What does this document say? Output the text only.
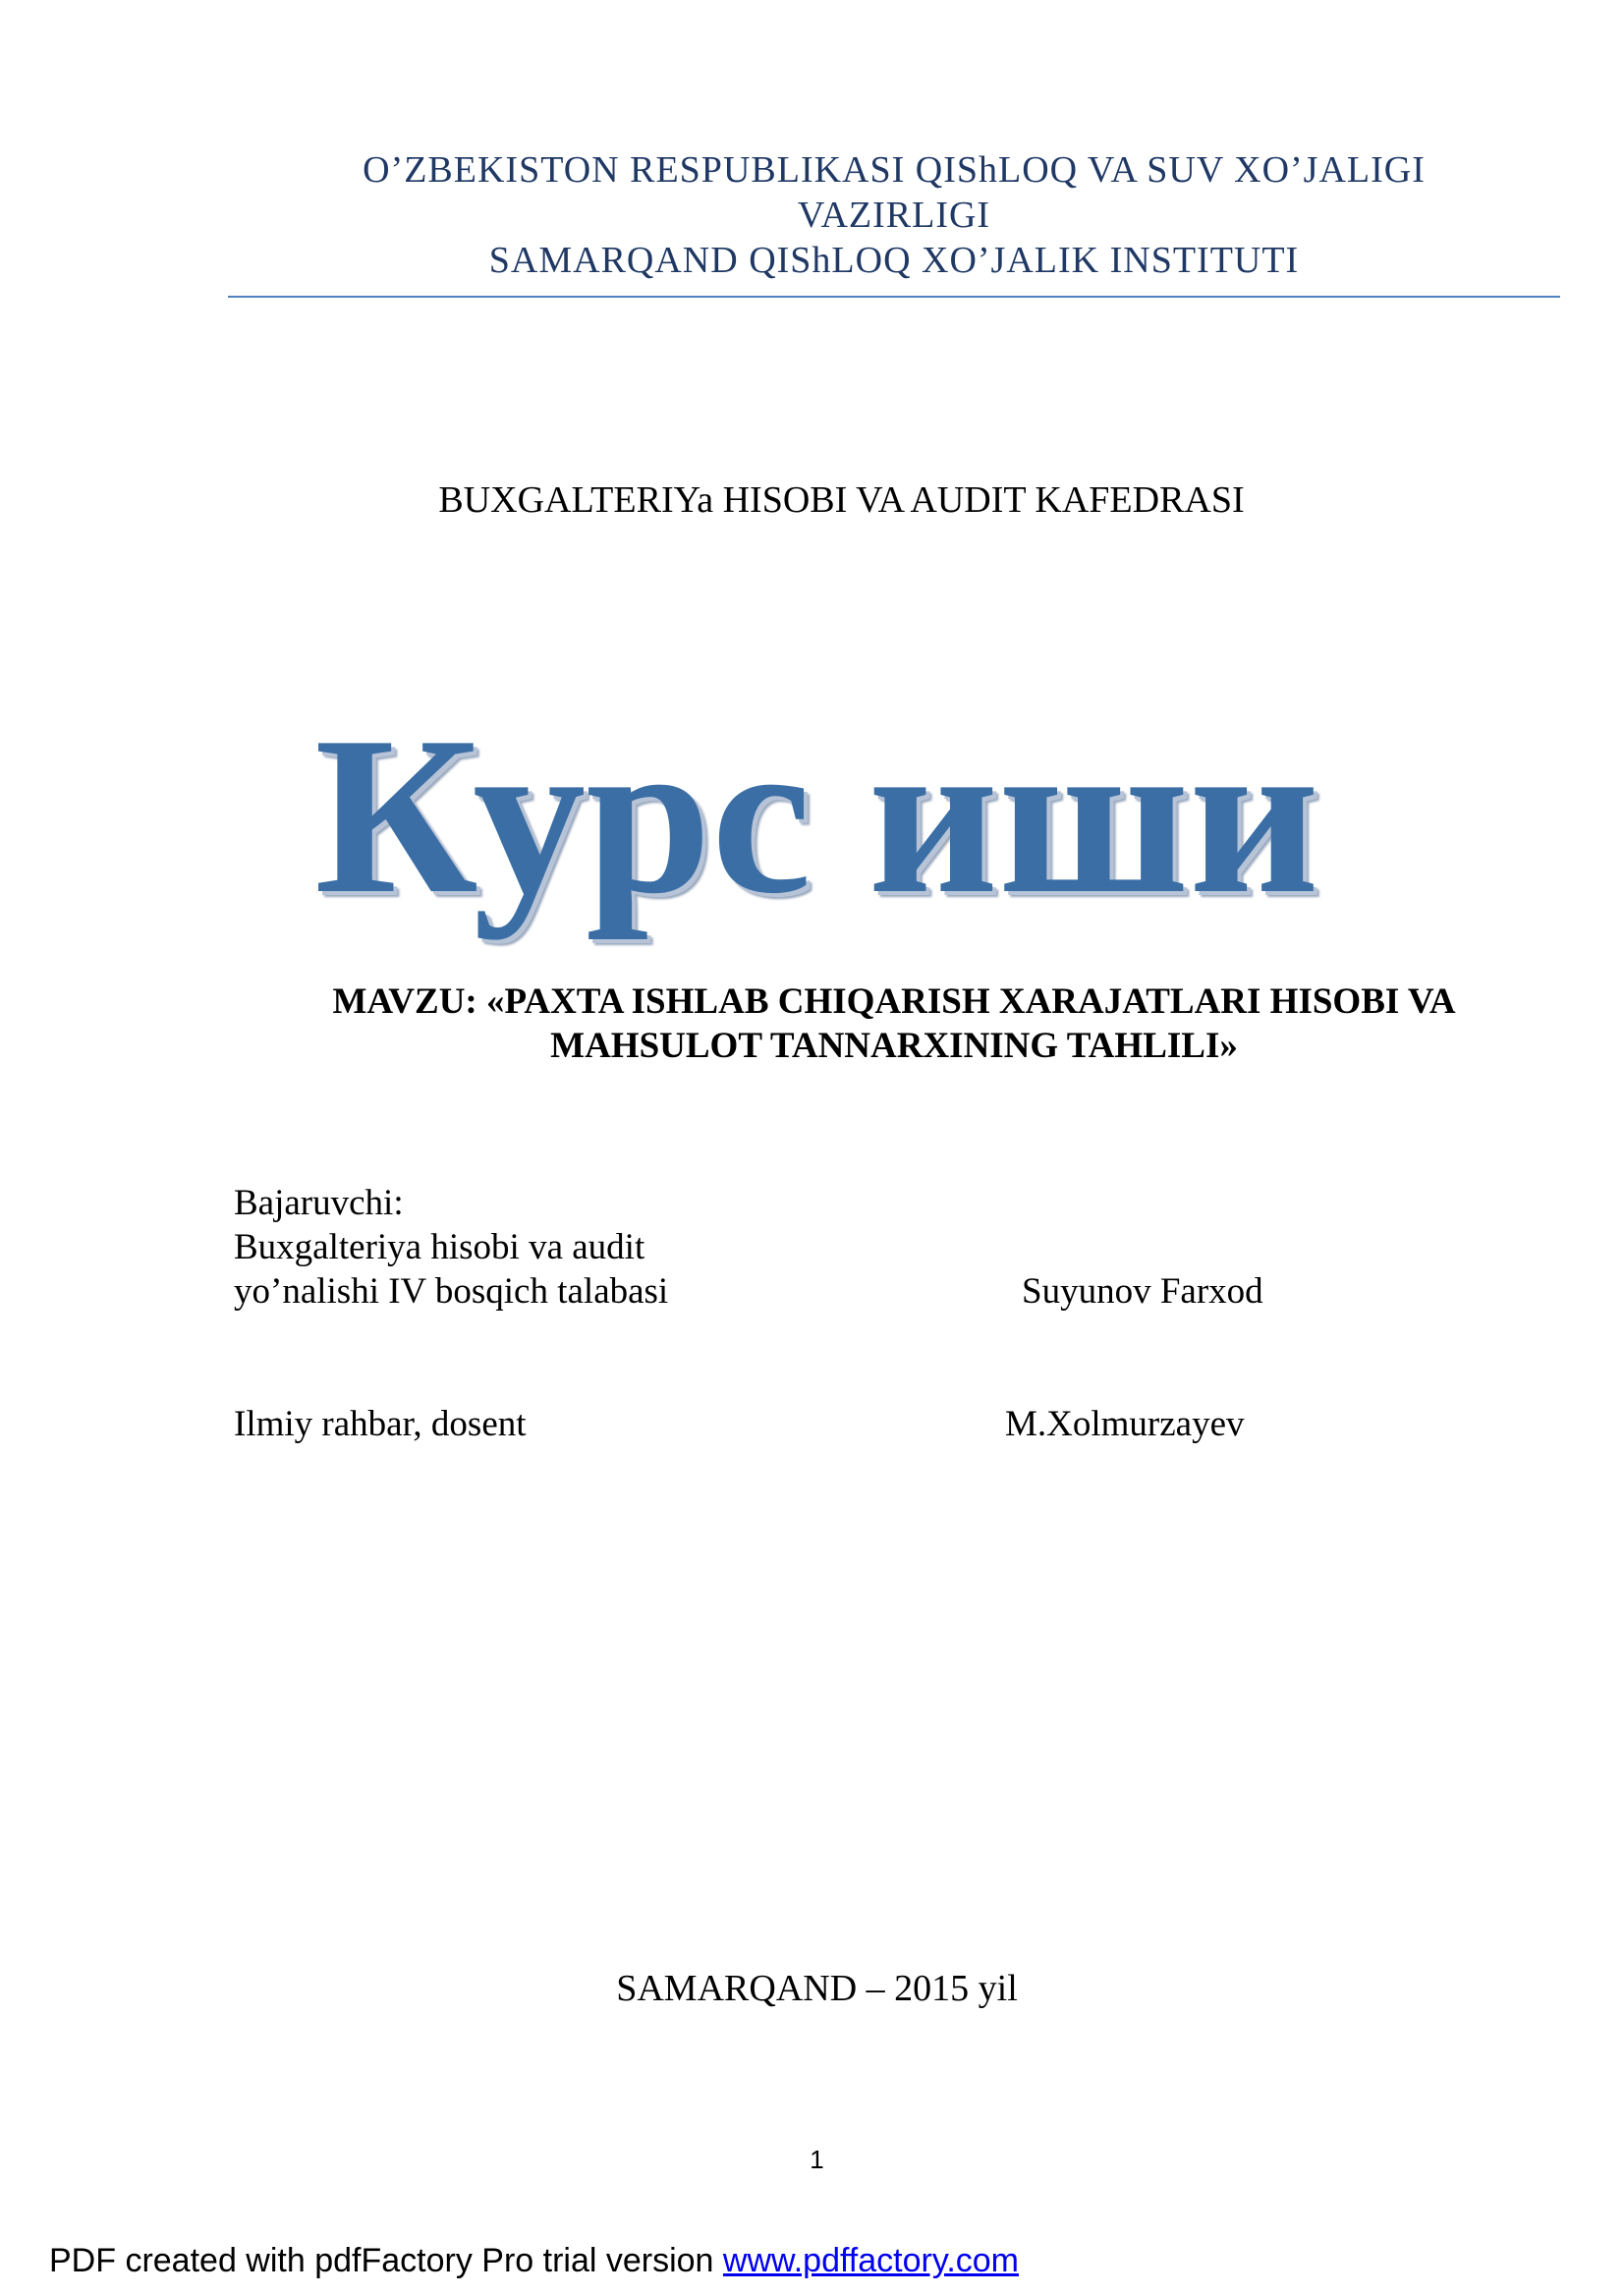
O’ZBEKISTON RESPUBLIKASI QIShLOQ VA SUV XO’JALIGI
VAZIRLIGI
SAMARQAND QIShLOQ XO’JALIK INSTITUTI
BUXGALTERIYa HISOBI VA AUDIT KAFEDRASI
Курс иши
MAVZU: «PAXTA ISHLAB CHIQARISH XARAJATLARI HISOBI VA
MAHSULOT TANNARXINING TAHLILI»
Bajaruvchi:
Buxgalteriya hisobi va audit
yo’nalishi IV bosqich talabasi	Suyunov Farxod
Ilmiy rahbar, dosent	M.Xolmurzayev
SAMARQAND – 2015 yil
1
PDF created with pdfFactory Pro trial version www.pdffactory.com
